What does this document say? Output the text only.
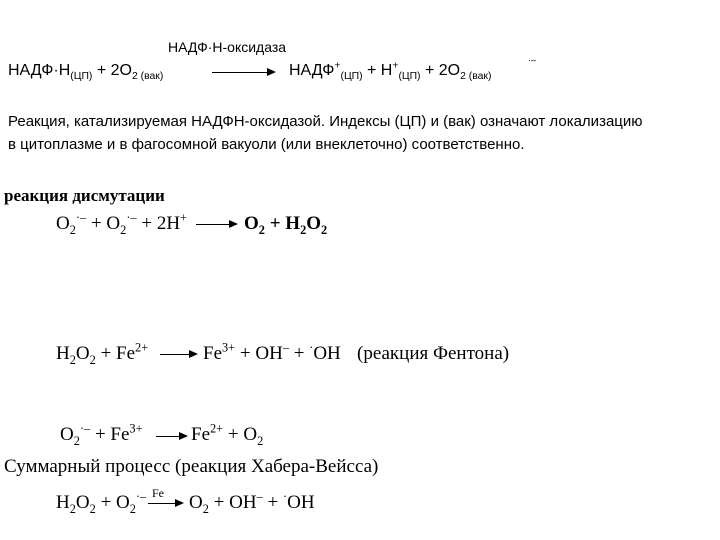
НАДФ·Н-оксидаза
$НАДФ\cdot Н_{(ЦП)} + 2O_{2 (вак)}$	→ $НАДФ^+_{(ЦП)} + Н^+_{(ЦП)} + 2O_{2 (вак)}$
·–
Реакция, катализируемая НАДФН-оксидазой. Индексы (ЦП) и (вак) означают локализацию
в цитоплазме и в фагосомной вакуоли (или внеклеточно) соответственно.
реакция дисмутации
$O_2^{\cdot-} + O_2^{\cdot-} + 2H^+$	$O_2 + H_2O_2$
$H_2O_2 + Fe^{2+}$	$Fe^{3+} + OH^- + ^\cdot OH$ (реакция Фентона)
$O_2^{\cdot-} + Fe^{3+} \to Fe^{2+} + O_2$
Суммарный процесс (реакция Хабера-Вейсса)
$H_2O_2 + O_2^{\cdot-}$ Fe $O_2 + OH^- + ^\cdot OH$
